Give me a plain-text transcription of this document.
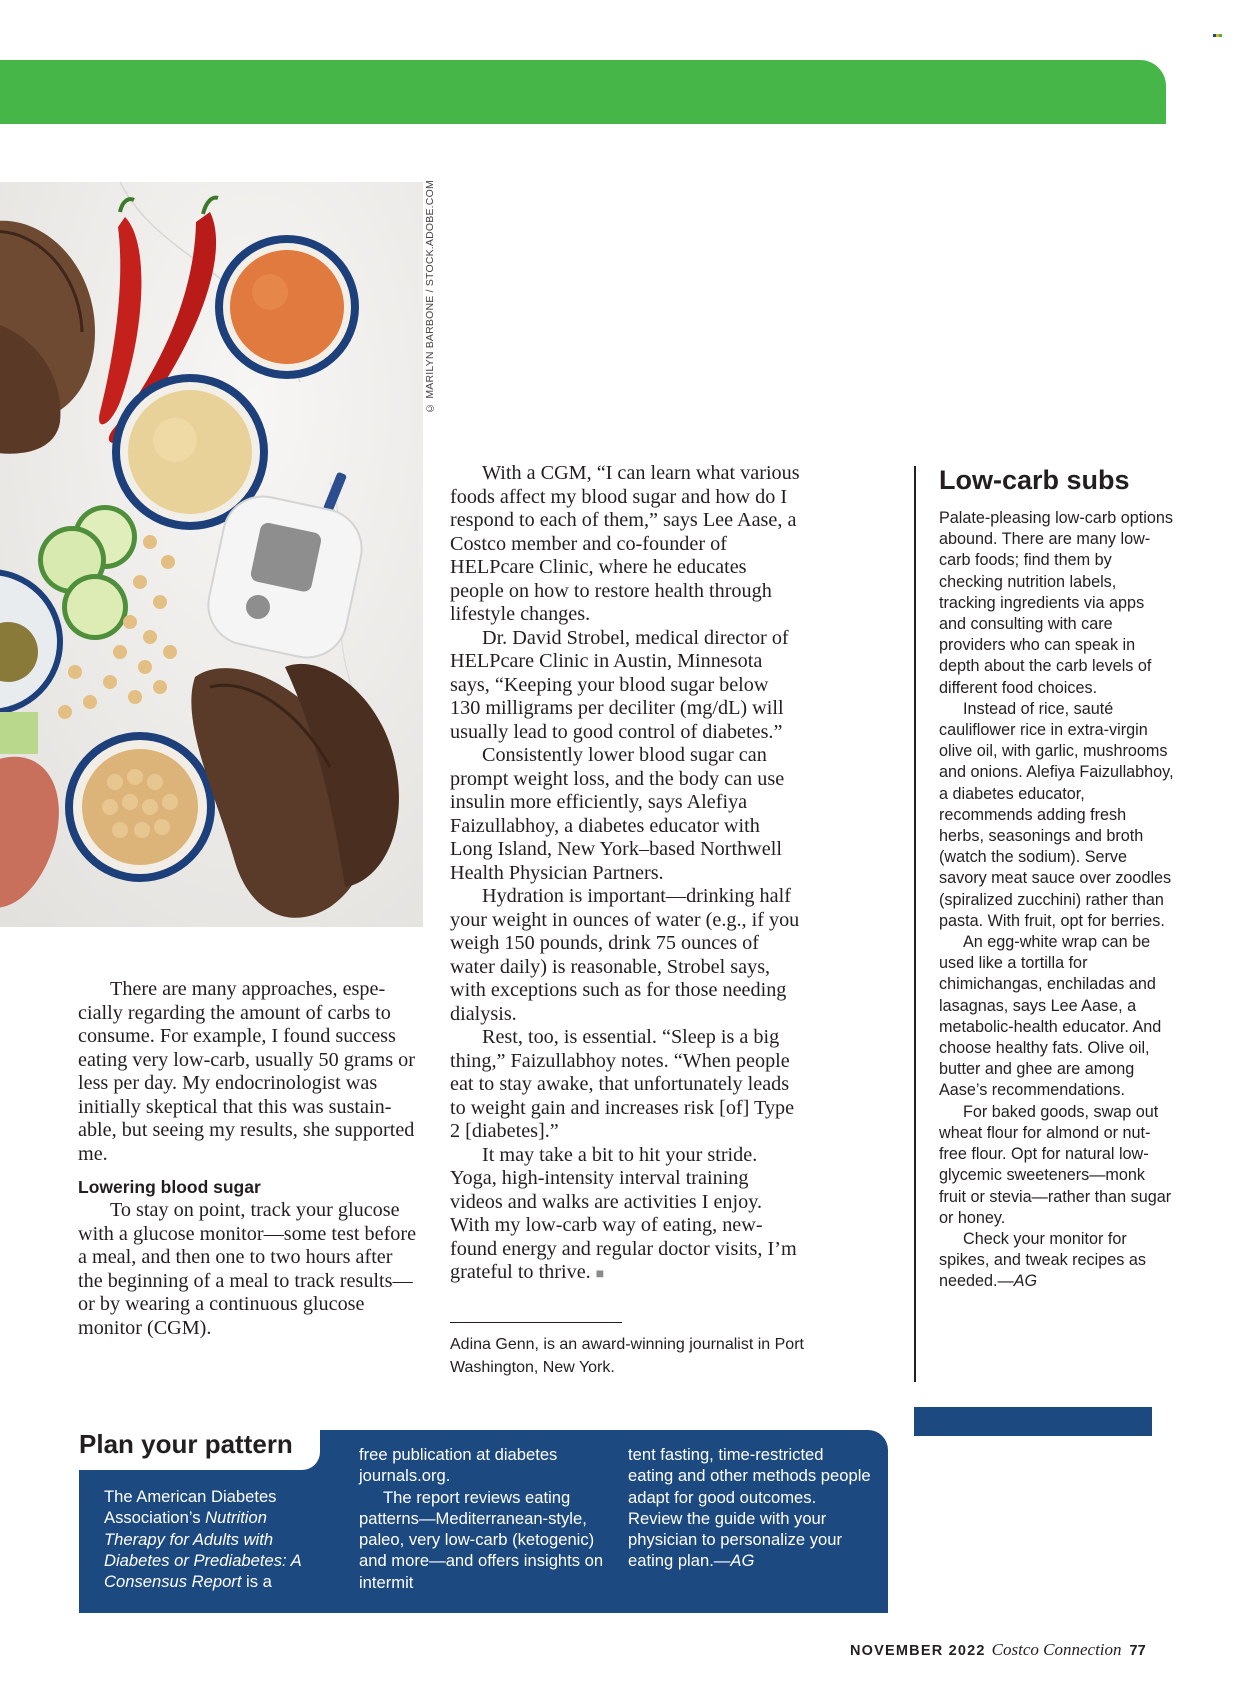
© MARILYN BARBONE / STOCK.ADOBE.COM

There are many approaches, especially regarding the amount of carbs to consume. For example, I found success eating very low-carb, usually 50 grams or less per day. My endocrinologist was initially skeptical that this was sustainable, but seeing my results, she supported me.

Lowering blood sugar

To stay on point, track your glucose with a glucose monitor—some test before a meal, and then one to two hours after the beginning of a meal to track results—or by wearing a continuous glucose monitor (CGM).

With a CGM, “I can learn what various foods affect my blood sugar and how do I respond to each of them,” says Lee Aase, a Costco member and co-founder of HELPcare Clinic, where he educates people on how to restore health through lifestyle changes.

Dr. David Strobel, medical director of HELPcare Clinic in Austin, Minnesota says, “Keeping your blood sugar below 130 milligrams per deciliter (mg/dL) will usually lead to good control of diabetes.”

Consistently lower blood sugar can prompt weight loss, and the body can use insulin more efficiently, says Alefiya Faizullabhoy, a diabetes educator with Long Island, New York–based Northwell Health Physician Partners.

Hydration is important—drinking half your weight in ounces of water (e.g., if you weigh 150 pounds, drink 75 ounces of water daily) is reasonable, Strobel says, with exceptions such as for those needing dialysis.

Rest, too, is essential. “Sleep is a big thing,” Faizullabhoy notes. “When people eat to stay awake, that unfortunately leads to weight gain and increases risk [of] Type 2 [diabetes].”

It may take a bit to hit your stride. Yoga, high-intensity interval training videos and walks are activities I enjoy. With my low-carb way of eating, newfound energy and regular doctor visits, I’m grateful to thrive. ■

Adina Genn, is an award-winning journalist in Port Washington, New York.
Low-carb subs

Palate-pleasing low-carb options abound. There are many low-carb foods; find them by checking nutrition labels, tracking ingredients via apps and consulting with care providers who can speak in depth about the carb levels of different food choices.

Instead of rice, sauté cauliflower rice in extra-virgin olive oil, with garlic, mushrooms and onions. Alefiya Faizullabhoy, a diabetes educator, recommends adding fresh herbs, seasonings and broth (watch the sodium). Serve savory meat sauce over zoodles (spiralized zucchini) rather than pasta. With fruit, opt for berries.

An egg-white wrap can be used like a tortilla for chimichangas, enchiladas and lasagnas, says Lee Aase, a metabolic-health educator. And choose healthy fats. Olive oil, butter and ghee are among Aase’s recommendations.

For baked goods, swap out wheat flour for almond or nut-free flour. Opt for natural low-glycemic sweeteners—monk fruit or stevia—rather than sugar or honey.

Check your monitor for spikes, and tweak recipes as needed.—AG

Plan your pattern

The American Diabetes Association’s Nutrition Therapy for Adults with Diabetes or Prediabetes: A Consensus Report is a

free publication at diabetes journals.org.

The report reviews eating patterns—Mediterranean-style, paleo, very low-carb (ketogenic) and more—and offers insights on intermit

tent fasting, time-restricted eating and other methods people adapt for good outcomes. Review the guide with your physician to personalize your eating plan.—AG

NOVEMBER 2022 Costco Connection 77
